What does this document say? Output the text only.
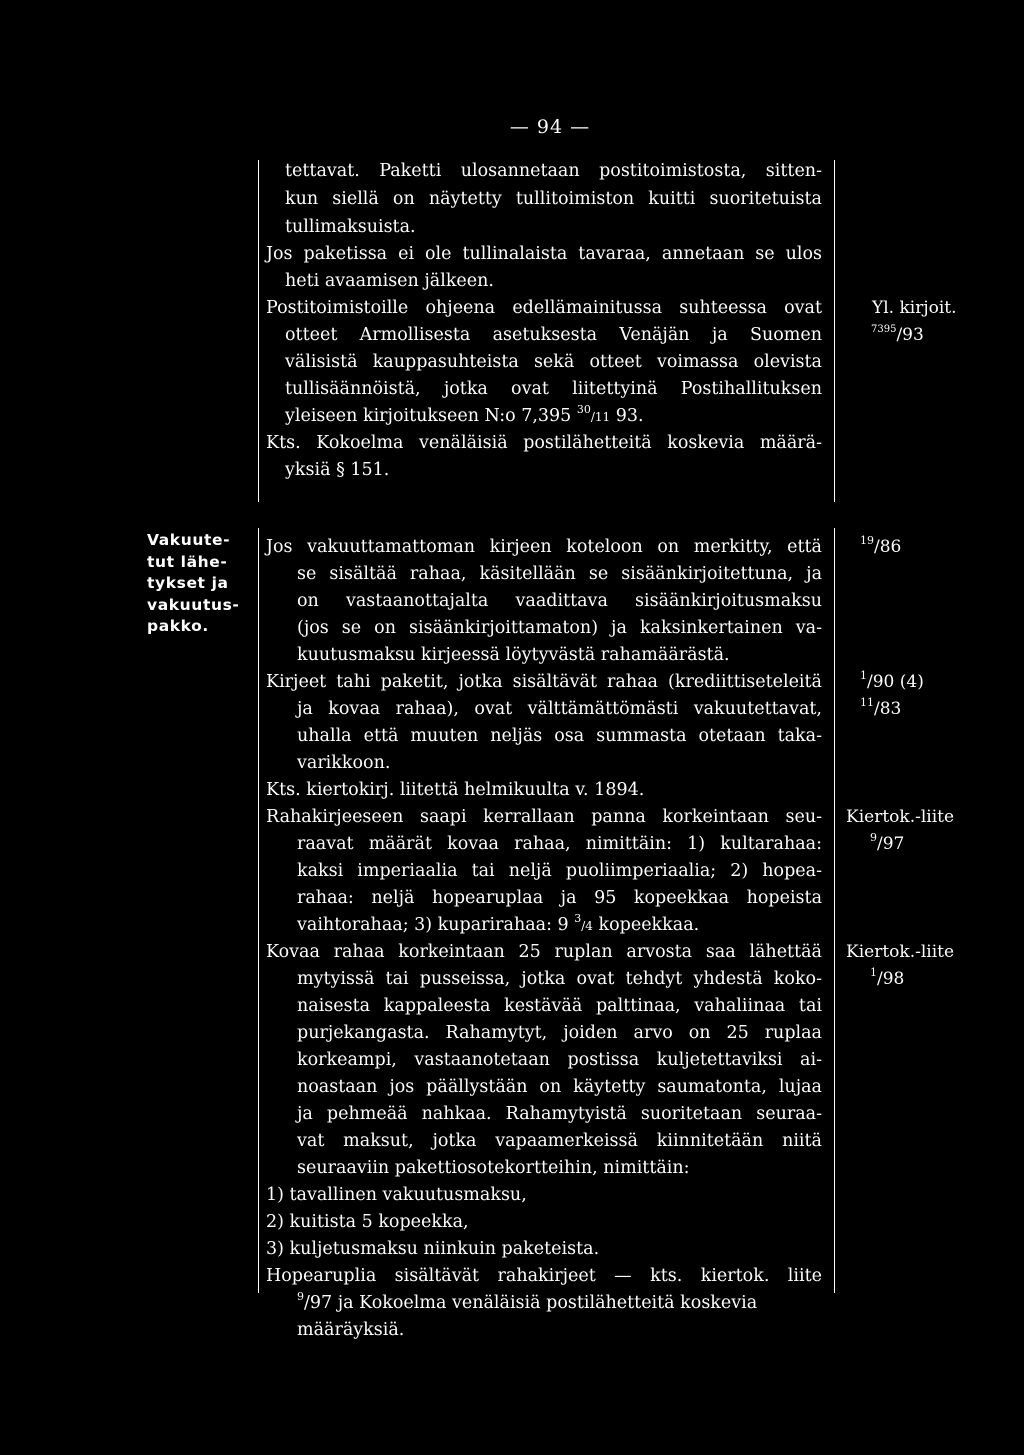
— 94 —
tettavat. Paketti ulosannetaan postitoimistosta, sitten-
kun siellä on näytetty tullitoimiston kuitti suoritetuista
tullimaksuista.
Jos paketissa ei ole tullinalaista tavaraa, annetaan se ulos
heti avaamisen jälkeen.
Postitoimistoille ohjeena edellämainitussa suhteessa ovat
otteet Armollisesta asetuksesta Venäjän ja Suomen
välisistä kauppasuhteista sekä otteet voimassa olevista
tullisäännöistä, jotka ovat liitettyinä Postihallituksen
yleiseen kirjoitukseen N:o 7,395 $^{30}$/11 93.
Kts. Kokoelma venäläisiä postilähetteitä koskevia määrä-
yksiä § 151.
Yl. kirjoit.
$^{7395}$/93
Vakuute-
tut lähe-
tykset ja
vakuutus-
pakko.
Jos vakuuttamattoman kirjeen koteloon on merkitty, että
se sisältää rahaa, käsitellään se sisäänkirjoitettuna, ja
on vastaanottajalta vaadittava sisäänkirjoitusmaksu
(jos se on sisäänkirjoittamaton) ja kaksinkertainen va-
kuutusmaksu kirjeessä löytyvästä rahamäärästä.
Kirjeet tahi paketit, jotka sisältävät rahaa (krediittiseteleitä
ja kovaa rahaa), ovat välttämättömästi vakuutettavat,
uhalla että muuten neljäs osa summasta otetaan taka-
varikkoon.
Kts. kiertokirj. liitettä helmikuulta v. 1894.
Rahakirjeeseen saapi kerrallaan panna korkeintaan seu-
raavat määrät kovaa rahaa, nimittäin: 1) kultarahaa:
kaksi imperiaalia tai neljä puoliimperiaalia; 2) hopea-
rahaa: neljä hopearuplaa ja 95 kopeekkaa hopeista
vaihtorahaa; 3) kuparirahaa: 9 $^3$/4 kopeekkaa.
Kovaa rahaa korkeintaan 25 ruplan arvosta saa lähettää
mytyissä tai pusseissa, jotka ovat tehdyt yhdestä koko-
naisesta kappaleesta kestävää palttinaa, vahaliinaa tai
purjekangasta. Rahamytyt, joiden arvo on 25 ruplaa
korkeampi, vastaanotetaan postissa kuljetettaviksi ai-
noastaan jos päällystään on käytetty saumatonta, lujaa
ja pehmeää nahkaa. Rahamytyistä suoritetaan seuraa-
vat maksut, jotka vapaamerkeissä kiinnitetään niitä
seuraaviin pakettiosotekortteihin, nimittäin:
1) tavallinen vakuutusmaksu,
2) kuitista 5 kopeekka,
3) kuljetusmaksu niinkuin paketeista.
Hopearuplia sisältävät rahakirjeet — kts. kiertok. liite
$^9$/97 ja Kokoelma venäläisiä postilähetteitä koskevia
määräyksiä.
$^{19}$/86
$^1$/90 (4)
$^{11}$/83
Kiertok.-liite
$^9$/97
Kiertok.-liite
$^1$/98
